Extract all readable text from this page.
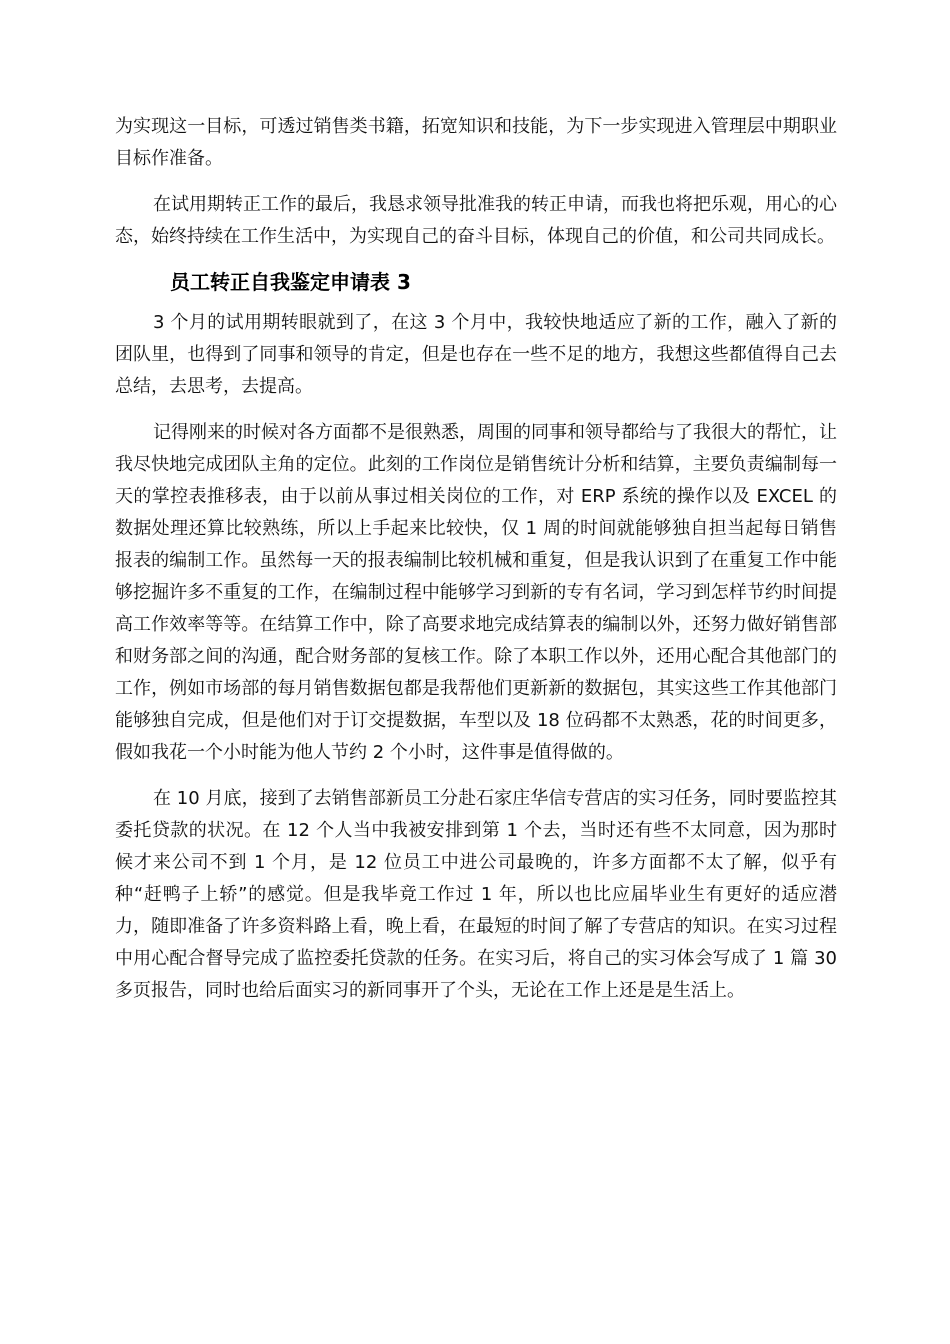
为实现这一目标，可透过销售类书籍，拓宽知识和技能，为下一步实现进入管理层中期职业目标作准备。

在试用期转正工作的最后，我恳求领导批准我的转正申请，而我也将把乐观，用心的心态，始终持续在工作生活中，为实现自己的奋斗目标，体现自己的价值，和公司共同成长。

员工转正自我鉴定申请表 3

3 个月的试用期转眼就到了，在这 3 个月中，我较快地适应了新的工作，融入了新的团队里，也得到了同事和领导的肯定，但是也存在一些不足的地方，我想这些都值得自己去总结，去思考，去提高。

记得刚来的时候对各方面都不是很熟悉，周围的同事和领导都给与了我很大的帮忙，让我尽快地完成团队主角的定位。此刻的工作岗位是销售统计分析和结算，主要负责编制每一天的掌控表推移表，由于以前从事过相关岗位的工作，对 ERP 系统的操作以及 EXCEL 的数据处理还算比较熟练，所以上手起来比较快，仅 1 周的时间就能够独自担当起每日销售报表的编制工作。虽然每一天的报表编制比较机械和重复，但是我认识到了在重复工作中能够挖掘许多不重复的工作，在编制过程中能够学习到新的专有名词，学习到怎样节约时间提高工作效率等等。在结算工作中，除了高要求地完成结算表的编制以外，还努力做好销售部和财务部之间的沟通，配合财务部的复核工作。除了本职工作以外，还用心配合其他部门的工作，例如市场部的每月销售数据包都是我帮他们更新新的数据包，其实这些工作其他部门能够独自完成，但是他们对于订交提数据，车型以及 18 位码都不太熟悉，花的时间更多，假如我花一个小时能为他人节约 2 个小时，这件事是值得做的。

在 10 月底，接到了去销售部新员工分赴石家庄华信专营店的实习任务，同时要监控其委托贷款的状况。在 12 个人当中我被安排到第 1 个去，当时还有些不太同意，因为那时候才来公司不到 1 个月，是 12 位员工中进公司最晚的，许多方面都不太了解，似乎有种“赶鸭子上轿”的感觉。但是我毕竟工作过 1 年，所以也比应届毕业生有更好的适应潜力，随即准备了许多资料路上看，晚上看，在最短的时间了解了专营店的知识。在实习过程中用心配合督导完成了监控委托贷款的任务。在实习后，将自己的实习体会写成了 1 篇 30 多页报告，同时也给后面实习的新同事开了个头，无论在工作上还是是生活上。
